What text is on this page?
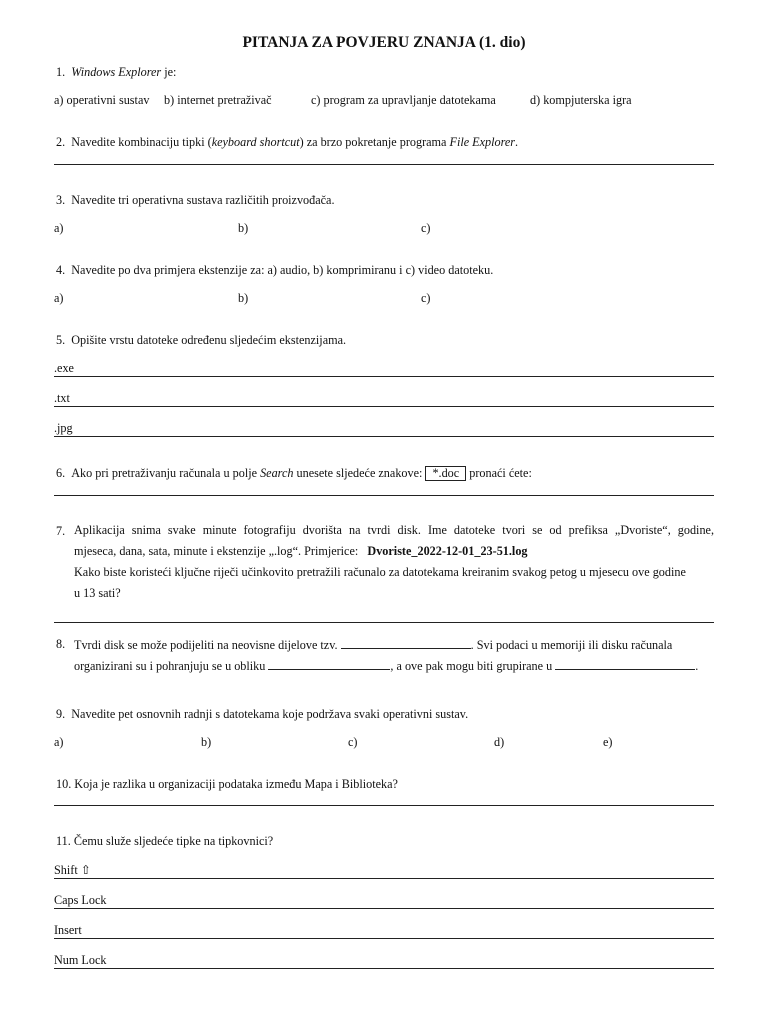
PITANJA ZA POVJERU ZNANJA (1. dio)
1. Windows Explorer je:
a) operativni sustav b) internet pretraživač	c) program za upravljanje datotekama	d) kompjuterska igra
2. Navedite kombinaciju tipki (keyboard shortcut) za brzo pokretanje programa File Explorer.
3. Navedite tri operativna sustava različitih proizvođača.
a)	b)	c)
4. Navedite po dva primjera ekstenzije za: a) audio, b) komprimiranu i c) video datoteku.
a)	b)	c)
5. Opišite vrstu datoteke određenu sljedećim ekstenzijama.
.exe
.txt
.jpg
6. Ako pri pretraživanju računala u polje Search unesete sljedeće znakove: *.doc pronaći ćete:
7. Aplikacija snima svake minute fotografiju dvorišta na tvrdi disk. Ime datoteke tvori se od prefiksa „Dvoriste“, godine,
mjeseca, dana, sata, minute i ekstenzije „.log“. Primjerice: Dvoriste_2022-12-01_23-51.log
Kako biste koristeći ključne riječi učinkovito pretražili računalo za datotekama kreiranim svakog petog u mjesecu ove godine
u 13 sati?
8. Tvrdi disk se može podijeliti na neovisne dijelove tzv.	. Svi podaci u memoriji ili disku računala
organizirani su i pohranjuju se u obliku	, a ove pak mogu biti grupirane u	.
9. Navedite pet osnovnih radnji s datotekama koje podržava svaki operativni sustav.
a)	b)	c)	d)	e)
10. Koja je razlika u organizaciji podataka između Mapa i Biblioteka?
11. Čemu služe sljedeće tipke na tipkovnici?
Shift ⇧
Caps Lock
Insert
Num Lock
